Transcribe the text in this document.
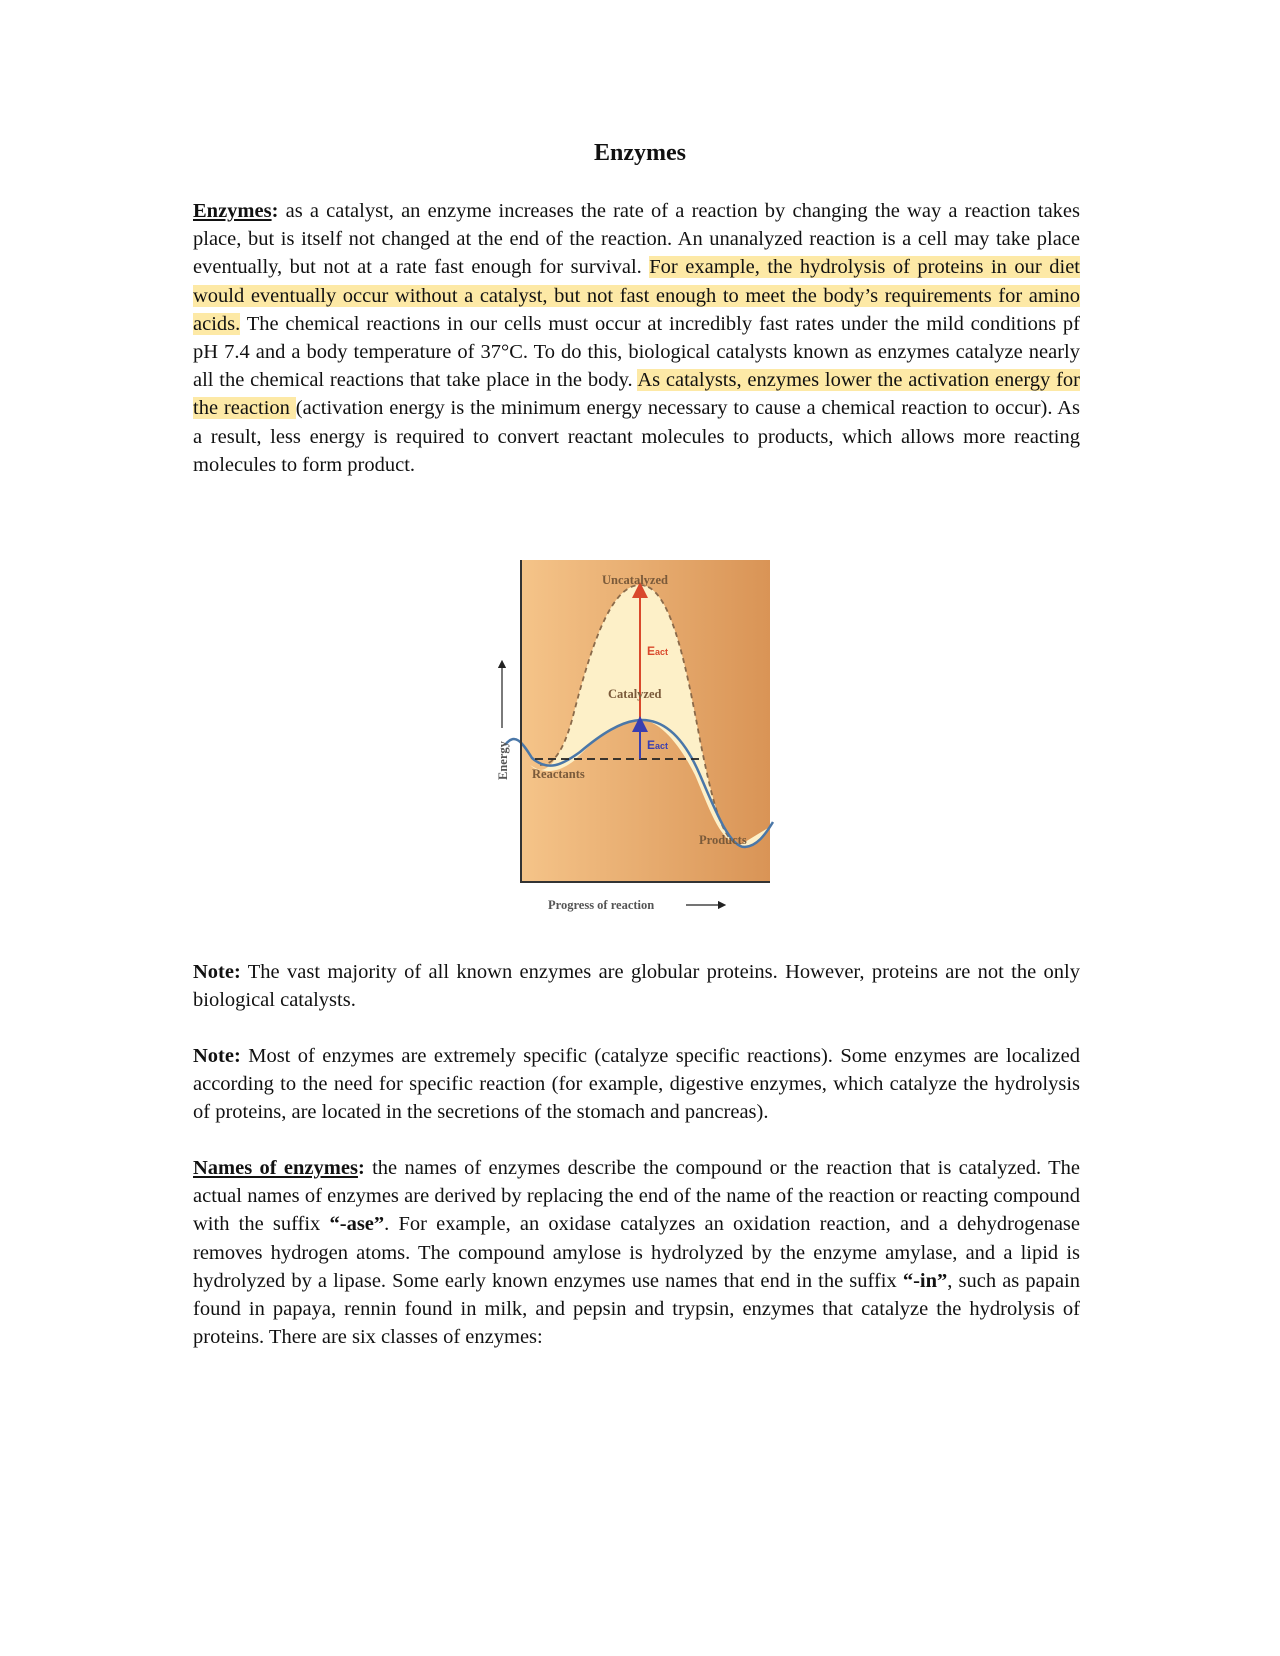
Enzymes

Enzymes: as a catalyst, an enzyme increases the rate of a reaction by changing the way a reaction takes place, but is itself not changed at the end of the reaction. An unanalyzed reaction is a cell may take place eventually, but not at a rate fast enough for survival. For example, the hydrolysis of proteins in our diet would eventually occur without a catalyst, but not fast enough to meet the body’s requirements for amino acids. The chemical reactions in our cells must occur at incredibly fast rates under the mild conditions pf pH 7.4 and a body temperature of 37°C. To do this, biological catalysts known as enzymes catalyze nearly all the chemical reactions that take place in the body. As catalysts, enzymes lower the activation energy for the reaction (activation energy is the minimum energy necessary to cause a chemical reaction to occur). As a result, less energy is required to convert reactant molecules to products, which allows more reacting molecules to form product.

Uncatalyzed
Catalyzed
Eact
Eact
Reactants
Products
Progress of reaction
Energy

Note: The vast majority of all known enzymes are globular proteins. However, proteins are not the only biological catalysts.

Note: Most of enzymes are extremely specific (catalyze specific reactions). Some enzymes are localized according to the need for specific reaction (for example, digestive enzymes, which catalyze the hydrolysis of proteins, are located in the secretions of the stomach and pancreas).

Names of enzymes: the names of enzymes describe the compound or the reaction that is catalyzed. The actual names of enzymes are derived by replacing the end of the name of the reaction or reacting compound with the suffix “-ase”. For example, an oxidase catalyzes an oxidation reaction, and a dehydrogenase removes hydrogen atoms. The compound amylose is hydrolyzed by the enzyme amylase, and a lipid is hydrolyzed by a lipase. Some early known enzymes use names that end in the suffix “-in”, such as papain found in papaya, rennin found in milk, and pepsin and trypsin, enzymes that catalyze the hydrolysis of proteins. There are six classes of enzymes:
